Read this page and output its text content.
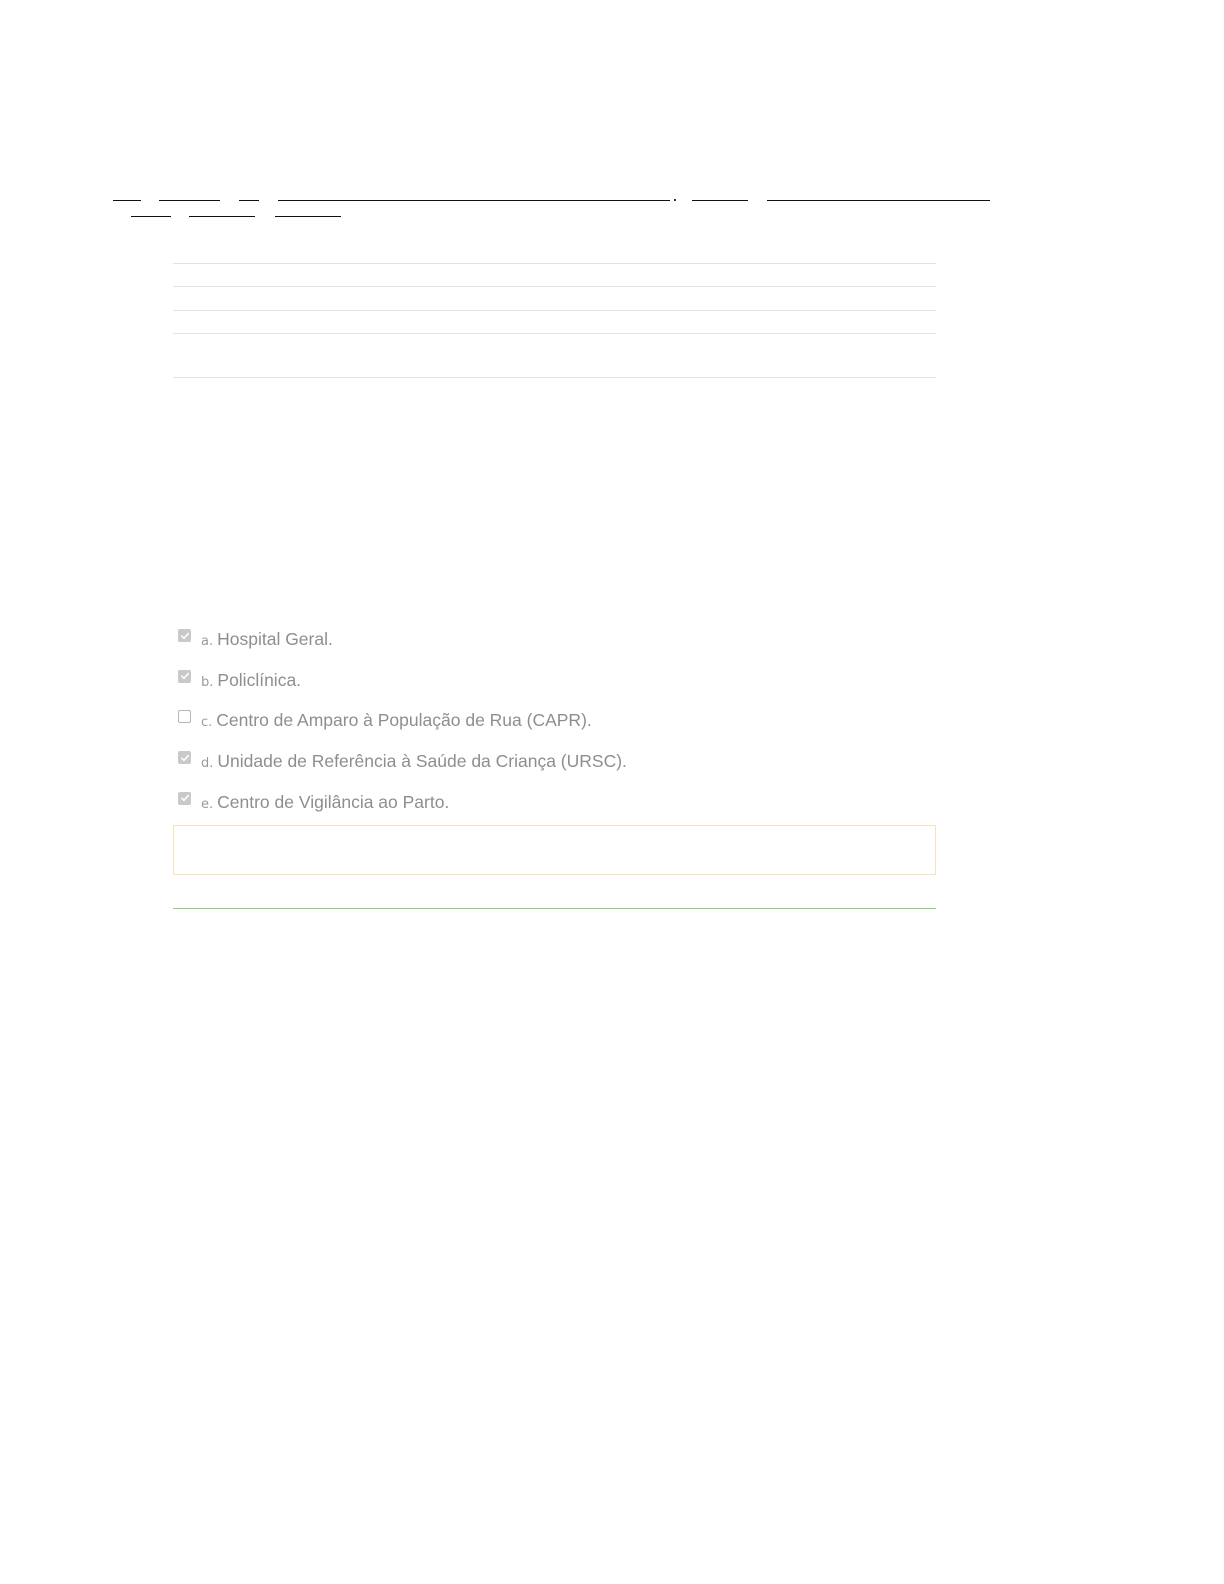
a. Hospital Geral.
b. Policlínica.
c. Centro de Amparo à População de Rua (CAPR).
d. Unidade de Referência à Saúde da Criança (URSC).
e. Centro de Vigilância ao Parto.
